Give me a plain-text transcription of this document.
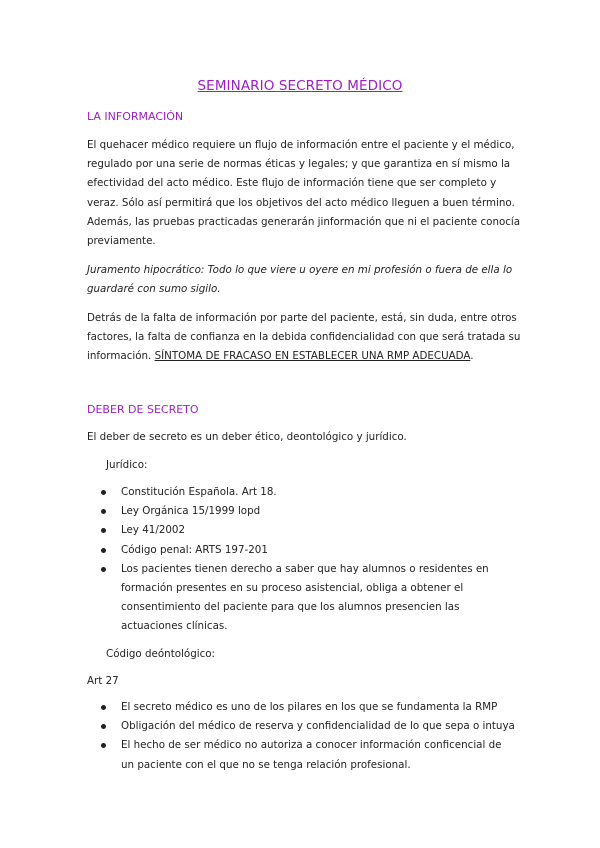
SEMINARIO SECRETO MÉDICO
LA INFORMACIÓN
El quehacer médico requiere un flujo de información entre el paciente y el médico, regulado por una serie de normas éticas y legales; y que garantiza en sí mismo la efectividad del acto médico. Este flujo de información tiene que ser completo y veraz. Sólo así permitirá que los objetivos del acto médico lleguen a buen término. Además, las pruebas practicadas generarán jinformación que ni el paciente conocía previamente.
Juramento hipocrático: Todo lo que viere u oyere en mi profesión o fuera de ella lo guardaré con sumo sigilo.
Detrás de la falta de información por parte del paciente, está, sin duda, entre otros factores, la falta de confianza en la debida confidencialidad con que será tratada su información. SÍNTOMA DE FRACASO EN ESTABLECER UNA RMP ADECUADA.
DEBER DE SECRETO
El deber de secreto es un deber ético, deontológico y jurídico.
Jurídico:
Constitución Española. Art 18.
Ley Orgánica 15/1999 lopd
Ley 41/2002
Código penal: ARTS 197-201
Los pacientes tienen derecho a saber que hay alumnos o residentes en formación presentes en su proceso asistencial, obliga a obtener el consentimiento del paciente para que los alumnos presencien las actuaciones clínicas.
Código deóntológico:
Art 27
El secreto médico es uno de los pilares en los que se fundamenta la RMP
Obligación del médico de reserva y confidencialidad de lo que sepa o intuya
El hecho de ser médico no autoriza a conocer información conficencial de un paciente con el que no se tenga relación profesional.
